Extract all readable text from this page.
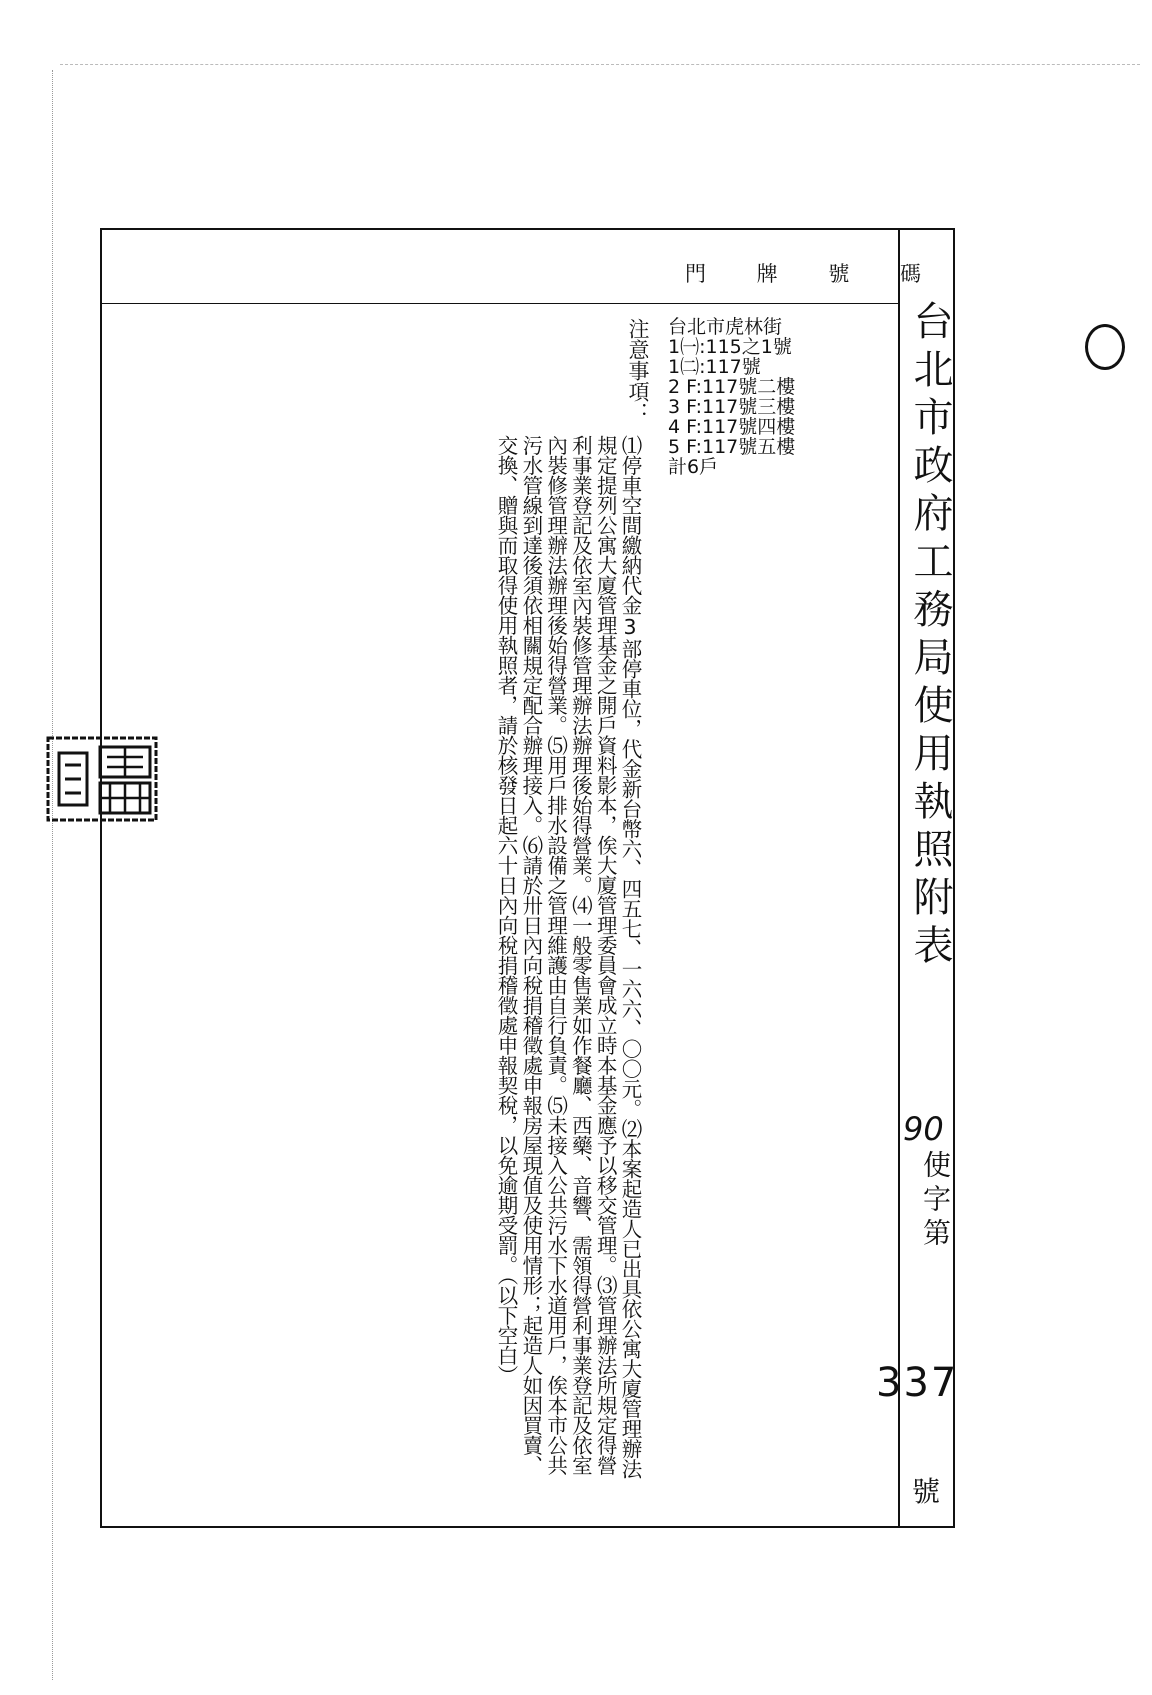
門 牌 號 碼
台北市虎林街
1㈠:115之1號
1㈡:117號
2 F:117號二樓
3 F:117號三樓
4 F:117號四樓
5 F:117號五樓
計6戶
注意事項：
⑴停車空間繳納代金3部停車位，代金新台幣六、四五七、一六六、〇〇元。⑵本案起造人已出具依公寓大廈管理辦法規定提列公寓大廈管理基金之開戶資料影本，俟大廈管理委員會成立時本基金應予以移交管理。⑶管理辦法所規定得營利事業登記及依室內裝修管理辦法辦理後始得營業。⑷一般零售業如作餐廳、西藥、音響、需領得營利事業登記及依室內裝修管理辦法辦理後始得營業。⑸用戶排水設備之管理維護由自行負責。⑸未接入公共污水下水道用戶，俟本市公共污水管線到達後須依相關規定配合辦理接入。⑹請於卅日內向稅捐稽徵處申報房屋現值及使用情形；起造人如因買賣、交換、贈與而取得使用執照者，請於核發日起六十日內向稅捐稽徵處申報契稅，以免逾期受罰。（以下空白）	台北市政府工務局使用執照附表
90
使字第
337
號
